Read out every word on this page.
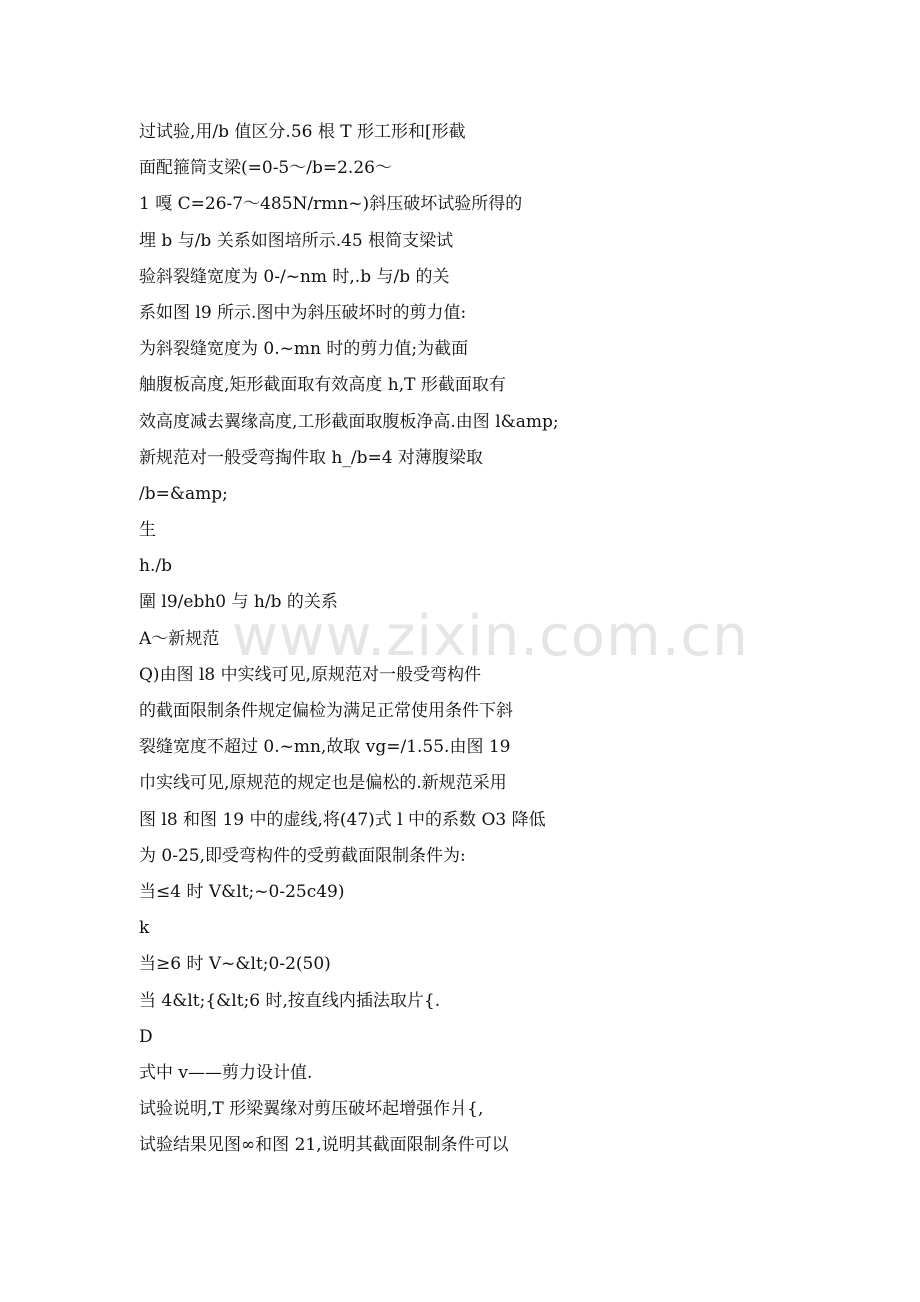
过试验,用/b 值区分.56 根 T 形工形和[形截
面配箍筒支梁(=0-5～/b=2.26～
1 嘎 C=26-7～485N/rmn~)斜压破坏试验所得的
埋 b 与/b 关系如图培所示.45 根简支梁试
验斜裂缝宽度为 0-/~nm 时,.b 与/b 的关
系如图 l9 所示.图中为斜压破坏时的剪力值:
为斜裂缝宽度为 0.~mn 时的剪力值;为截面
舳腹板高度,矩形截面取有效高度 h,T 形截面取有
效高度减去翼缘高度,工形截面取腹板净高.由图 l&amp;
新规范对一般受弯掏件取 h_/b=4 对薄腹梁取
/b=&amp;
生
h./b
圍 l9/ebh0 与 h/b 的关系
A～新规范
Q)由图 l8 中实线可见,原规范对一般受弯构件
的截面限制条件规定偏检为满足正常使用条件下斜
裂缝宽度不超过 0.~mn,故取 vg=/1.55.由图 19
巾实线可见,原规范的规定也是偏松的.新规范采用
图 l8 和图 19 中的虚线,将(47)式 l 中的系数 O3 降低
为 0-25,即受弯构件的受剪截面限制条件为:
当≤4 时 V&lt;~0-25c49)
k
当≥6 时 V~&lt;0-2(50)
当 4&lt;{&lt;6 时,按直线内插法取片{.
D
式中 v——剪力设计值.
试验说明,T 形梁翼缘对剪压破坏起增强作爿{,
试验结果见图∞和图 21,说明其截面限制条件可以
www.zixin.com.cn
